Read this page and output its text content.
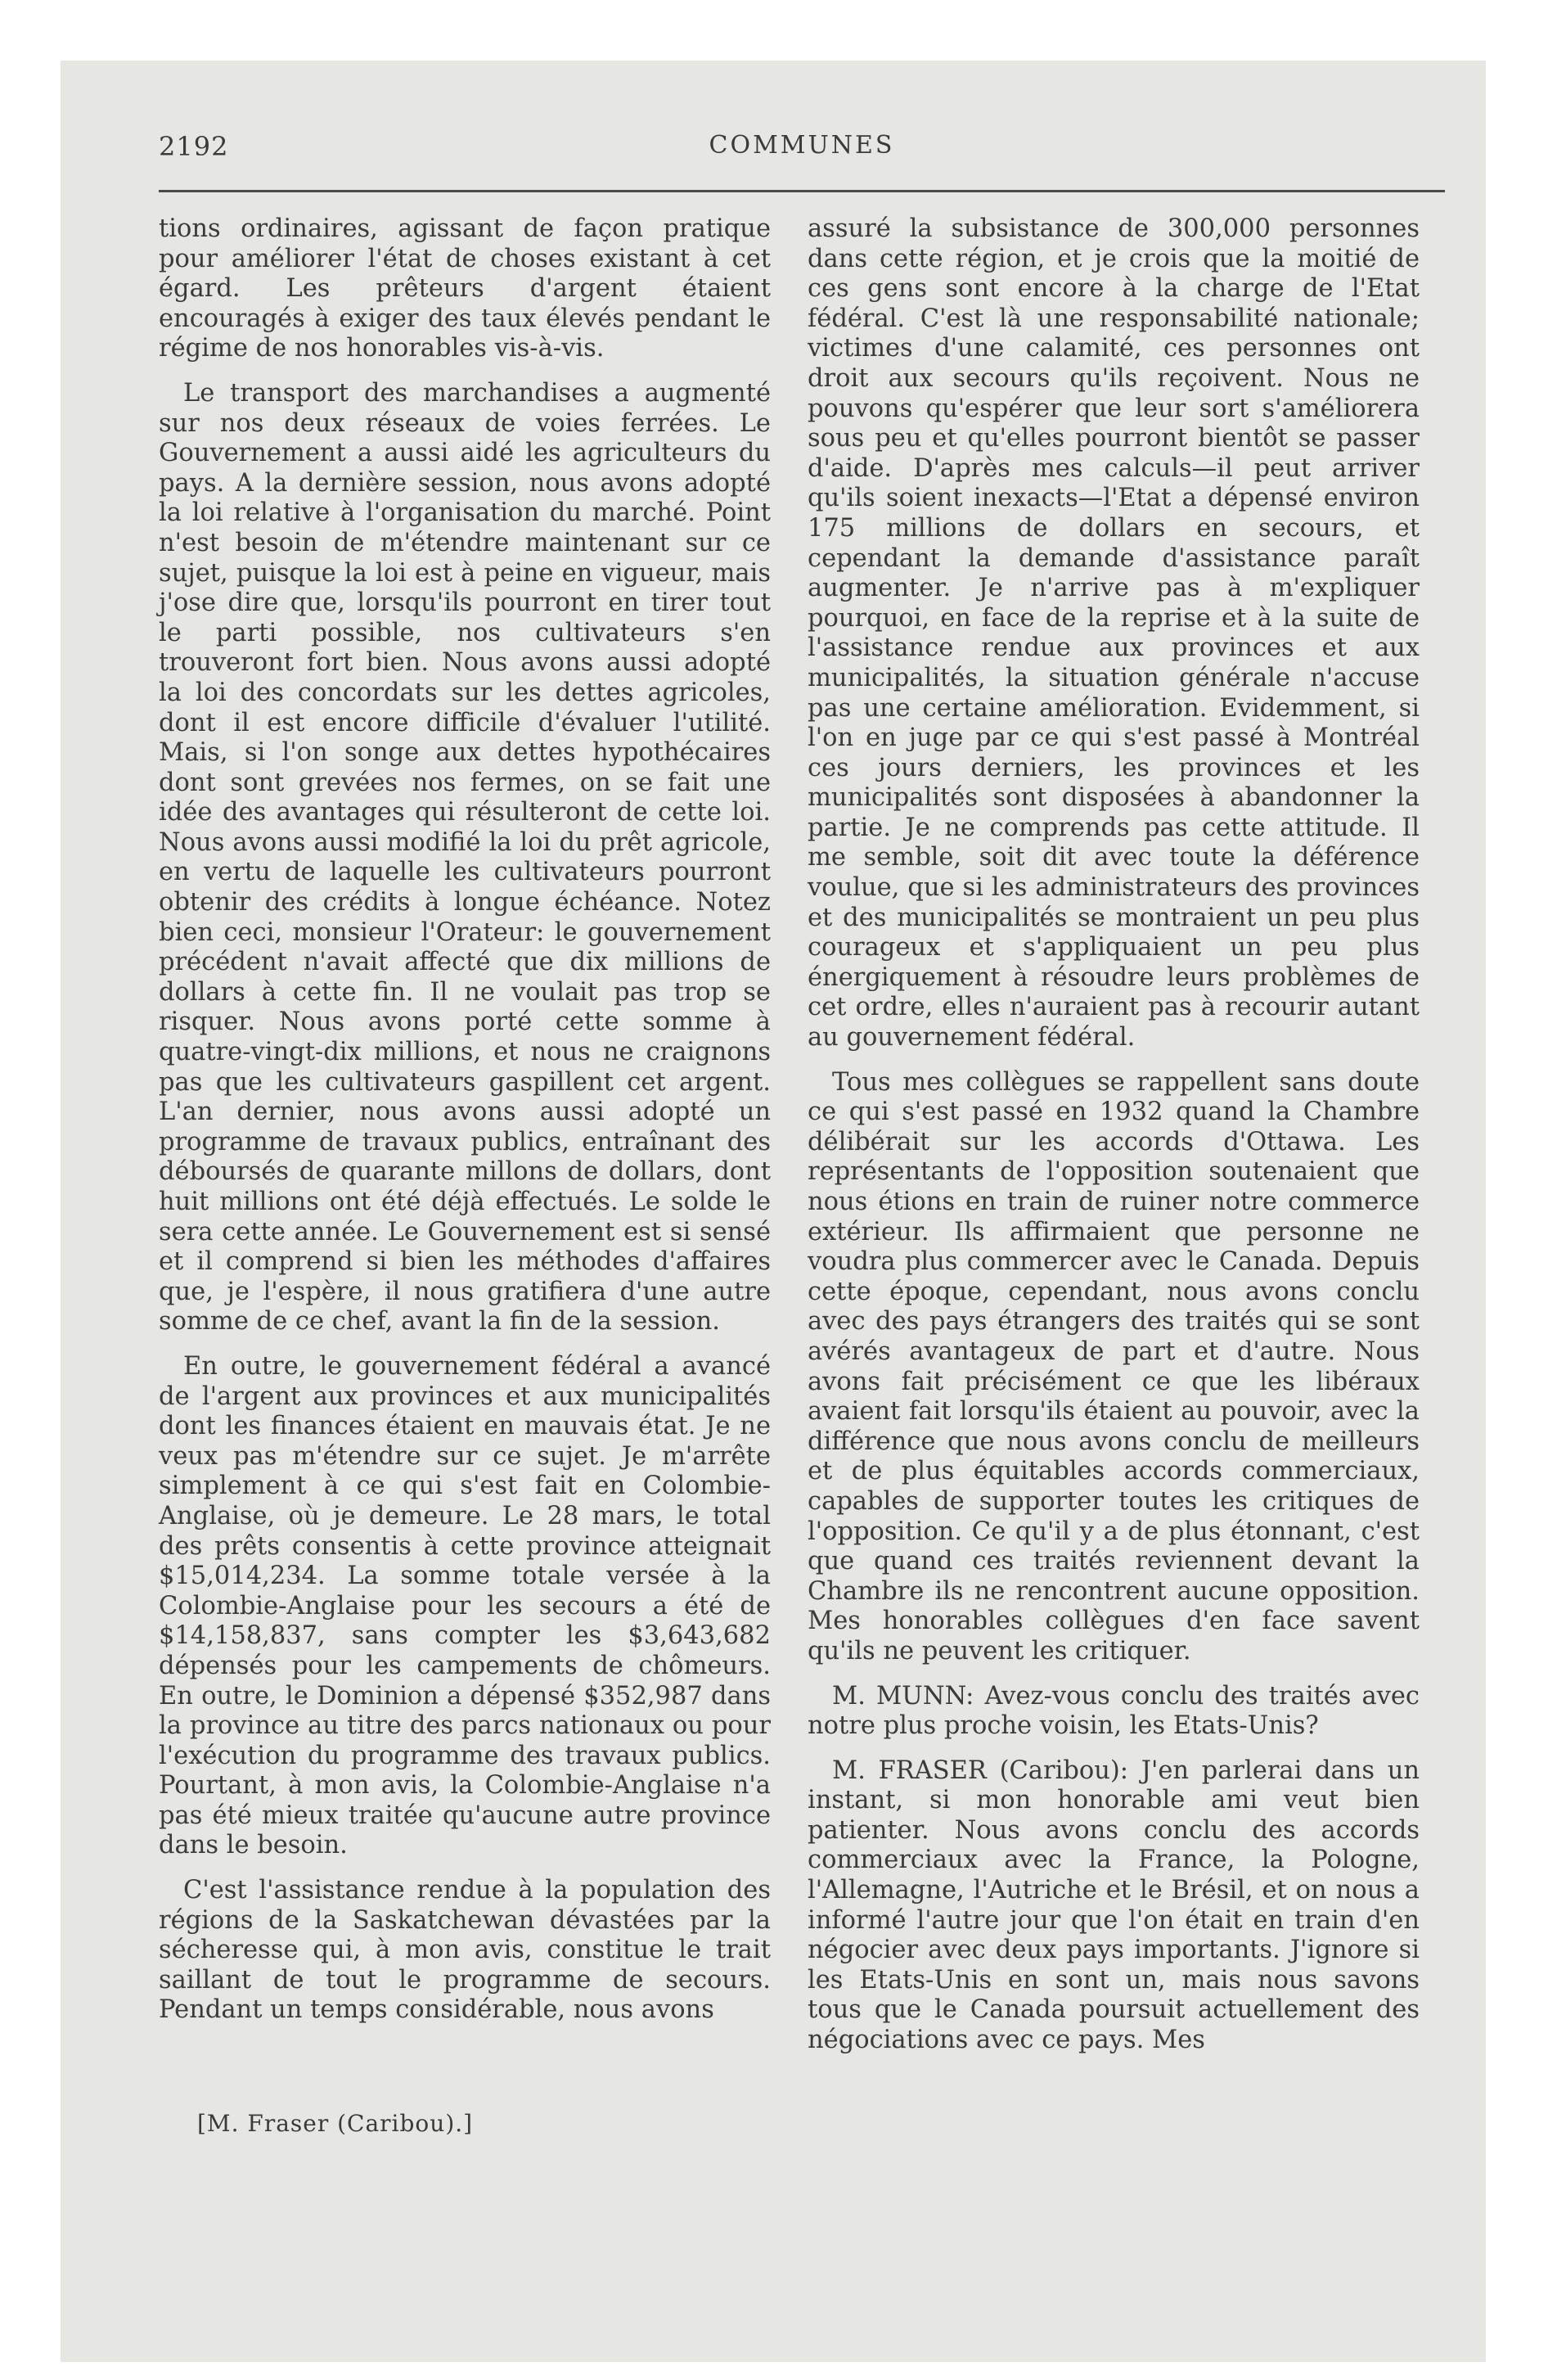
2192	COMMUNES

tions ordinaires, agissant de façon pratique pour améliorer l'état de choses existant à cet égard. Les prêteurs d'argent étaient encouragés à exiger des taux élevés pendant le régime de nos honorables vis-à-vis.

Le transport des marchandises a augmenté sur nos deux réseaux de voies ferrées. Le Gouvernement a aussi aidé les agriculteurs du pays. A la dernière session, nous avons adopté la loi relative à l'organisation du marché. Point n'est besoin de m'étendre maintenant sur ce sujet, puisque la loi est à peine en vigueur, mais j'ose dire que, lorsqu'ils pourront en tirer tout le parti possible, nos cultivateurs s'en trouveront fort bien. Nous avons aussi adopté la loi des concordats sur les dettes agricoles, dont il est encore difficile d'évaluer l'utilité. Mais, si l'on songe aux dettes hypothécaires dont sont grevées nos fermes, on se fait une idée des avantages qui résulteront de cette loi. Nous avons aussi modifié la loi du prêt agricole, en vertu de laquelle les cultivateurs pourront obtenir des crédits à longue échéance. Notez bien ceci, monsieur l'Orateur: le gouvernement précédent n'avait affecté que dix millions de dollars à cette fin. Il ne voulait pas trop se risquer. Nous avons porté cette somme à quatre-vingt-dix millions, et nous ne craignons pas que les cultivateurs gaspillent cet argent. L'an dernier, nous avons aussi adopté un programme de travaux publics, entraînant des déboursés de quarante millons de dollars, dont huit millions ont été déjà effectués. Le solde le sera cette année. Le Gouvernement est si sensé et il comprend si bien les méthodes d'affaires que, je l'espère, il nous gratifiera d'une autre somme de ce chef, avant la fin de la session.

En outre, le gouvernement fédéral a avancé de l'argent aux provinces et aux municipalités dont les finances étaient en mauvais état. Je ne veux pas m'étendre sur ce sujet. Je m'arrête simplement à ce qui s'est fait en Colombie-Anglaise, où je demeure. Le 28 mars, le total des prêts consentis à cette province atteignait $15,014,234. La somme totale versée à la Colombie-Anglaise pour les secours a été de $14,158,837, sans compter les $3,643,682 dépensés pour les campements de chômeurs. En outre, le Dominion a dépensé $352,987 dans la province au titre des parcs nationaux ou pour l'exécution du programme des travaux publics. Pourtant, à mon avis, la Colombie-Anglaise n'a pas été mieux traitée qu'aucune autre province dans le besoin.

C'est l'assistance rendue à la population des régions de la Saskatchewan dévastées par la sécheresse qui, à mon avis, constitue le trait saillant de tout le programme de secours. Pendant un temps considérable, nous avons

[M. Fraser (Caribou).]

assuré la subsistance de 300,000 personnes dans cette région, et je crois que la moitié de ces gens sont encore à la charge de l'Etat fédéral. C'est là une responsabilité nationale; victimes d'une calamité, ces personnes ont droit aux secours qu'ils reçoivent. Nous ne pouvons qu'espérer que leur sort s'améliorera sous peu et qu'elles pourront bientôt se passer d'aide. D'après mes calculs—il peut arriver qu'ils soient inexacts—l'Etat a dépensé environ 175 millions de dollars en secours, et cependant la demande d'assistance paraît augmenter. Je n'arrive pas à m'expliquer pourquoi, en face de la reprise et à la suite de l'assistance rendue aux provinces et aux municipalités, la situation générale n'accuse pas une certaine amélioration. Evidemment, si l'on en juge par ce qui s'est passé à Montréal ces jours derniers, les provinces et les municipalités sont disposées à abandonner la partie. Je ne comprends pas cette attitude. Il me semble, soit dit avec toute la déférence voulue, que si les administrateurs des provinces et des municipalités se montraient un peu plus courageux et s'appliquaient un peu plus énergiquement à résoudre leurs problèmes de cet ordre, elles n'auraient pas à recourir autant au gouvernement fédéral.

Tous mes collègues se rappellent sans doute ce qui s'est passé en 1932 quand la Chambre délibérait sur les accords d'Ottawa. Les représentants de l'opposition soutenaient que nous étions en train de ruiner notre commerce extérieur. Ils affirmaient que personne ne voudra plus commercer avec le Canada. Depuis cette époque, cependant, nous avons conclu avec des pays étrangers des traités qui se sont avérés avantageux de part et d'autre. Nous avons fait précisément ce que les libéraux avaient fait lorsqu'ils étaient au pouvoir, avec la différence que nous avons conclu de meilleurs et de plus équitables accords commerciaux, capables de supporter toutes les critiques de l'opposition. Ce qu'il y a de plus étonnant, c'est que quand ces traités reviennent devant la Chambre ils ne rencontrent aucune opposition. Mes honorables collègues d'en face savent qu'ils ne peuvent les critiquer.

M. MUNN: Avez-vous conclu des traités avec notre plus proche voisin, les Etats-Unis?

M. FRASER (Caribou): J'en parlerai dans un instant, si mon honorable ami veut bien patienter. Nous avons conclu des accords commerciaux avec la France, la Pologne, l'Allemagne, l'Autriche et le Brésil, et on nous a informé l'autre jour que l'on était en train d'en négocier avec deux pays importants. J'ignore si les Etats-Unis en sont un, mais nous savons tous que le Canada poursuit actuellement des négociations avec ce pays. Mes
